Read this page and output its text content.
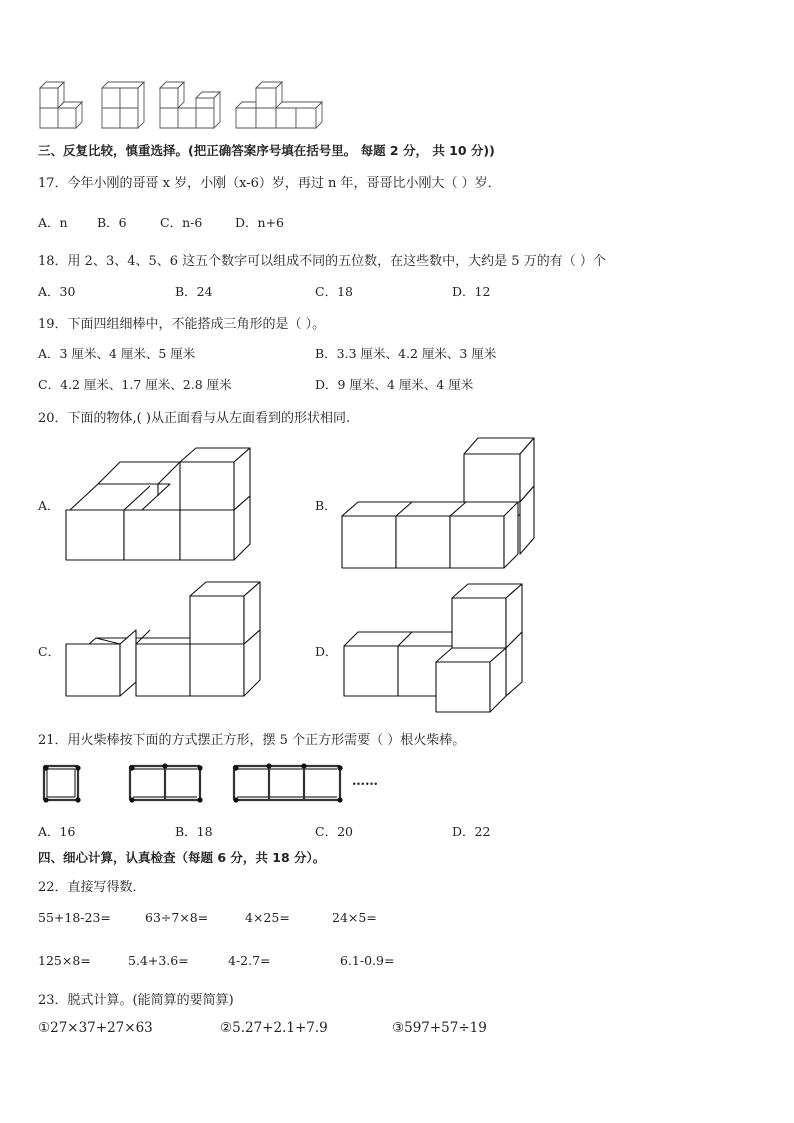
三、反复比较，慎重选择。(把正确答案序号填在括号里。 每题 2 分， 共 10 分))
17．今年小刚的哥哥 x 岁，小刚（x-6）岁，再过 n 年，哥哥比小刚大（ ）岁．
A．n B．6	C．n-6	D．n+6
18．用 2、3、4、5、6 这五个数字可以组成不同的五位数，在这些数中，大约是 5 万的有（ ）个
A．30	B．24	C．18	D．12
19．下面四组细棒中，不能搭成三角形的是（ ）。
A．3 厘米、4 厘米、5 厘米	B．3.3 厘米、4.2 厘米、3 厘米
C．4.2 厘米、1.7 厘米、2.8 厘米	D．9 厘米、4 厘米、4 厘米
20．下面的物体,( )从正面看与从左面看到的形状相同.
A．	B．
C．	D．
21．用火柴棒按下面的方式摆正方形，摆 5 个正方形需要（ ）根火柴棒。
……
A．16	B．18	C．20	D．22
四、细心计算，认真检查（每题 6 分，共 18 分）。
22．直接写得数．
55+18-23=	63÷7×8=	4×25=	24×5=
125×8=	5.4+3.6=	4-2.7=	6.1-0.9=
23．脱式计算。(能简算的要简算)
①27×37+27×63	②5.27+2.1+7.9	③597+57÷19
